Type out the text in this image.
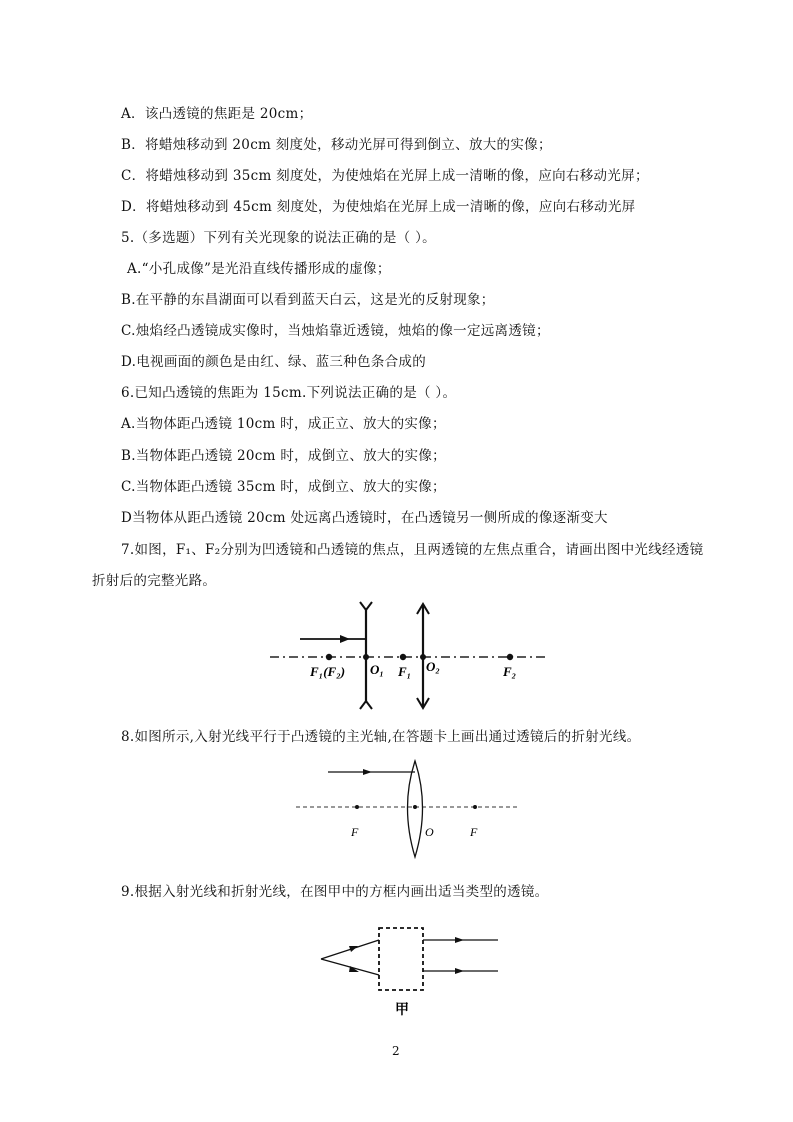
A．该凸透镜的焦距是 20cm；
B．将蜡烛移动到 20cm 刻度处，移动光屏可得到倒立、放大的实像；
C．将蜡烛移动到 35cm 刻度处，为使烛焰在光屏上成一清晰的像，应向右移动光屏；
D．将蜡烛移动到 45cm 刻度处，为使烛焰在光屏上成一清晰的像，应向右移动光屏
5.（多选题）下列有关光现象的说法正确的是（ ）。
A.“小孔成像”是光沿直线传播形成的虚像；
B.在平静的东昌湖面可以看到蓝天白云，这是光的反射现象；
C.烛焰经凸透镜成实像时，当烛焰靠近透镜，烛焰的像一定远离透镜；
D.电视画面的颜色是由红、绿、蓝三种色条合成的
6.已知凸透镜的焦距为 15cm.下列说法正确的是（ ）。
A.当物体距凸透镜 10cm 时，成正立、放大的实像；
B.当物体距凸透镜 20cm 时，成倒立、放大的实像；
C.当物体距凸透镜 35cm 时，成倒立、放大的实像；
D当物体从距凸透镜 20cm 处远离凸透镜时，在凸透镜另一侧所成的像逐渐变大
7.如图，F₁、F₂分别为凹透镜和凸透镜的焦点，且两透镜的左焦点重合，请画出图中光线经透镜
折射后的完整光路。
F₁(F₂) O₁ F₁ O₂	F₂
8.如图所示,入射光线平行于凸透镜的主光轴,在答题卡上画出通过透镜后的折射光线。
F	O	F
9.根据入射光线和折射光线，在图甲中的方框内画出适当类型的透镜。
甲
2
